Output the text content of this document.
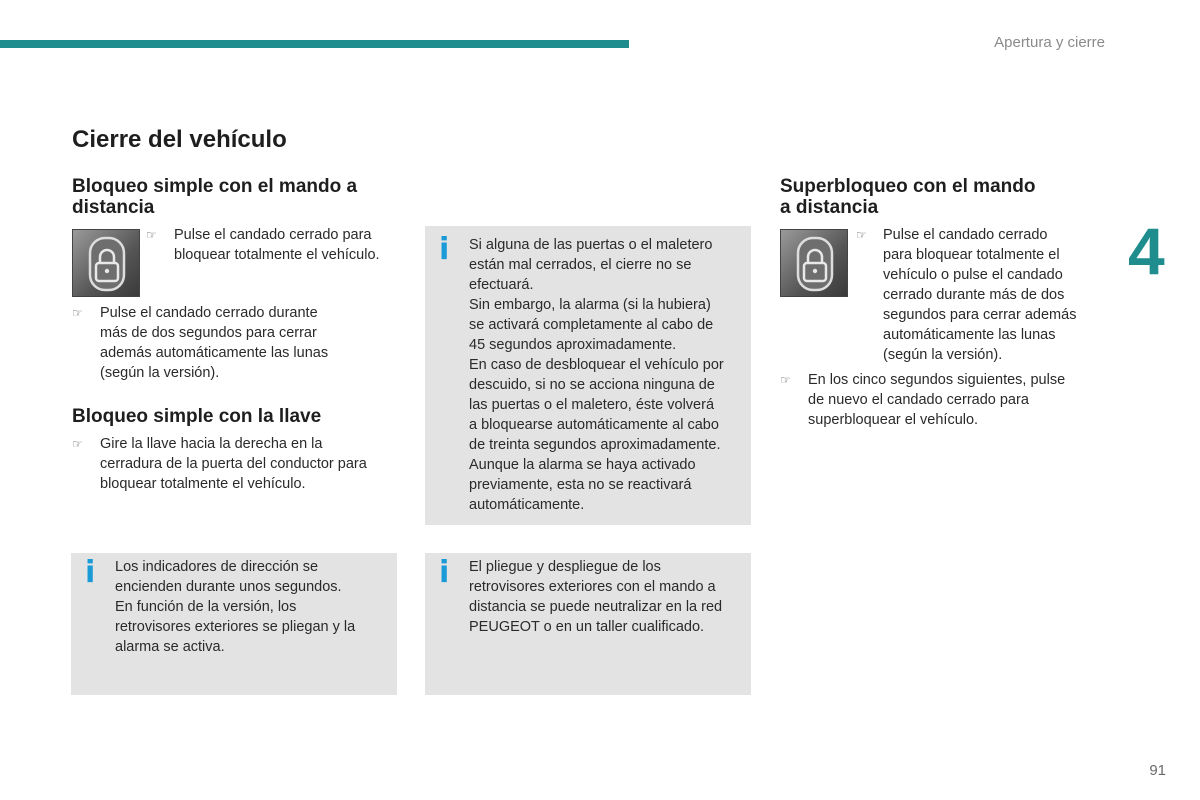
Apertura y cierre
4
Cierre del vehículo
Bloqueo simple con el mando a
distancia
☞ Pulse el candado cerrado para
bloquear totalmente el vehículo.
☞ Pulse el candado cerrado durante
más de dos segundos para cerrar
además automáticamente las lunas
(según la versión).
Bloqueo simple con la llave
☞ Gire la llave hacia la derecha en la
cerradura de la puerta del conductor para
bloquear totalmente el vehículo.
i Los indicadores de dirección se
encienden durante unos segundos.
En función de la versión, los
retrovisores exteriores se pliegan y la
alarma se activa.
i Si alguna de las puertas o el maletero
están mal cerrados, el cierre no se
efectuará.
Sin embargo, la alarma (si la hubiera)
se activará completamente al cabo de
45 segundos aproximadamente.
En caso de desbloquear el vehículo por
descuido, si no se acciona ninguna de
las puertas o el maletero, éste volverá
a bloquearse automáticamente al cabo
de treinta segundos aproximadamente.
Aunque la alarma se haya activado
previamente, esta no se reactivará
automáticamente.
i El pliegue y despliegue de los
retrovisores exteriores con el mando a
distancia se puede neutralizar en la red
PEUGEOT o en un taller cualificado.
Superbloqueo con el mando
a distancia
☞ Pulse el candado cerrado
para bloquear totalmente el
vehículo o pulse el candado
cerrado durante más de dos
segundos para cerrar además
automáticamente las lunas
(según la versión).
☞ En los cinco segundos siguientes, pulse
de nuevo el candado cerrado para
superbloquear el vehículo.
91
